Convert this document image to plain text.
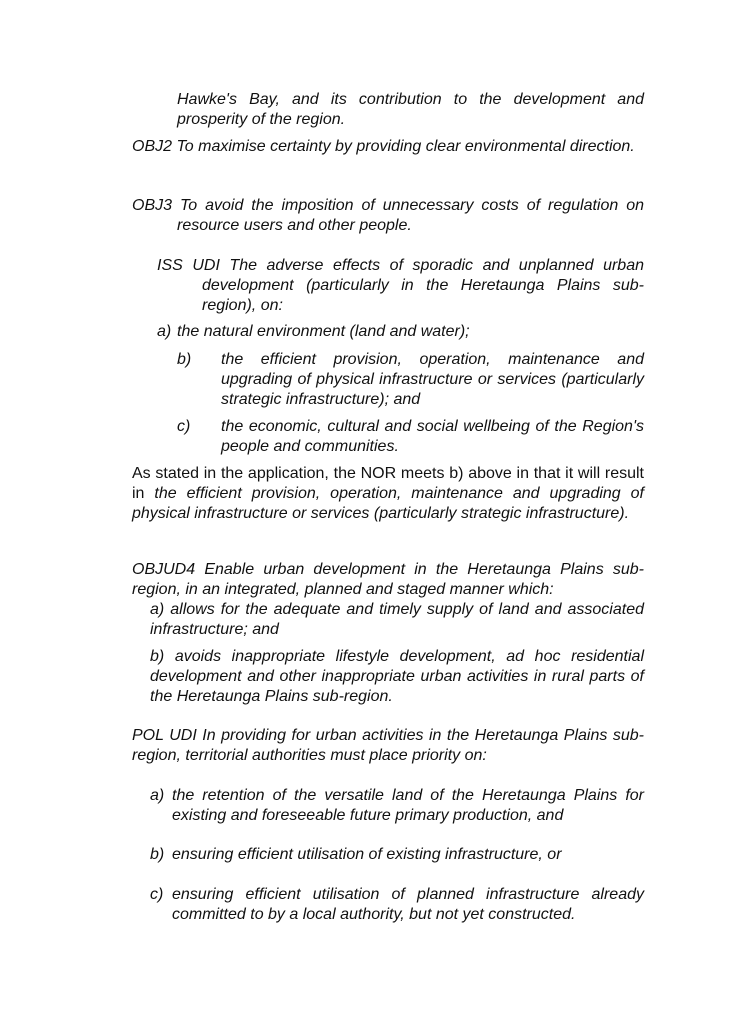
Hawke's Bay, and its contribution to the development and prosperity of the region.

OBJ2 To maximise certainty by providing clear environmental direction.

OBJ3 To avoid the imposition of unnecessary costs of regulation on resource users and other people.

ISS UDI The adverse effects of sporadic and unplanned urban development (particularly in the Heretaunga Plains sub-region), on:

a) the natural environment (land and water);

b) the efficient provision, operation, maintenance and upgrading of physical infrastructure or services (particularly strategic infrastructure); and

c) the economic, cultural and social wellbeing of the Region's people and communities.

As stated in the application, the NOR meets b) above in that it will result in the efficient provision, operation, maintenance and upgrading of physical infrastructure or services (particularly strategic infrastructure).

OBJUD4 Enable urban development in the Heretaunga Plains sub-region, in an integrated, planned and staged manner which:

a) allows for the adequate and timely supply of land and associated infrastructure; and

b) avoids inappropriate lifestyle development, ad hoc residential development and other inappropriate urban activities in rural parts of the Heretaunga Plains sub-region.

POL UDI In providing for urban activities in the Heretaunga Plains sub-region, territorial authorities must place priority on:

a) the retention of the versatile land of the Heretaunga Plains for existing and foreseeable future primary production, and

b) ensuring efficient utilisation of existing infrastructure, or

c) ensuring efficient utilisation of planned infrastructure already committed to by a local authority, but not yet constructed.
